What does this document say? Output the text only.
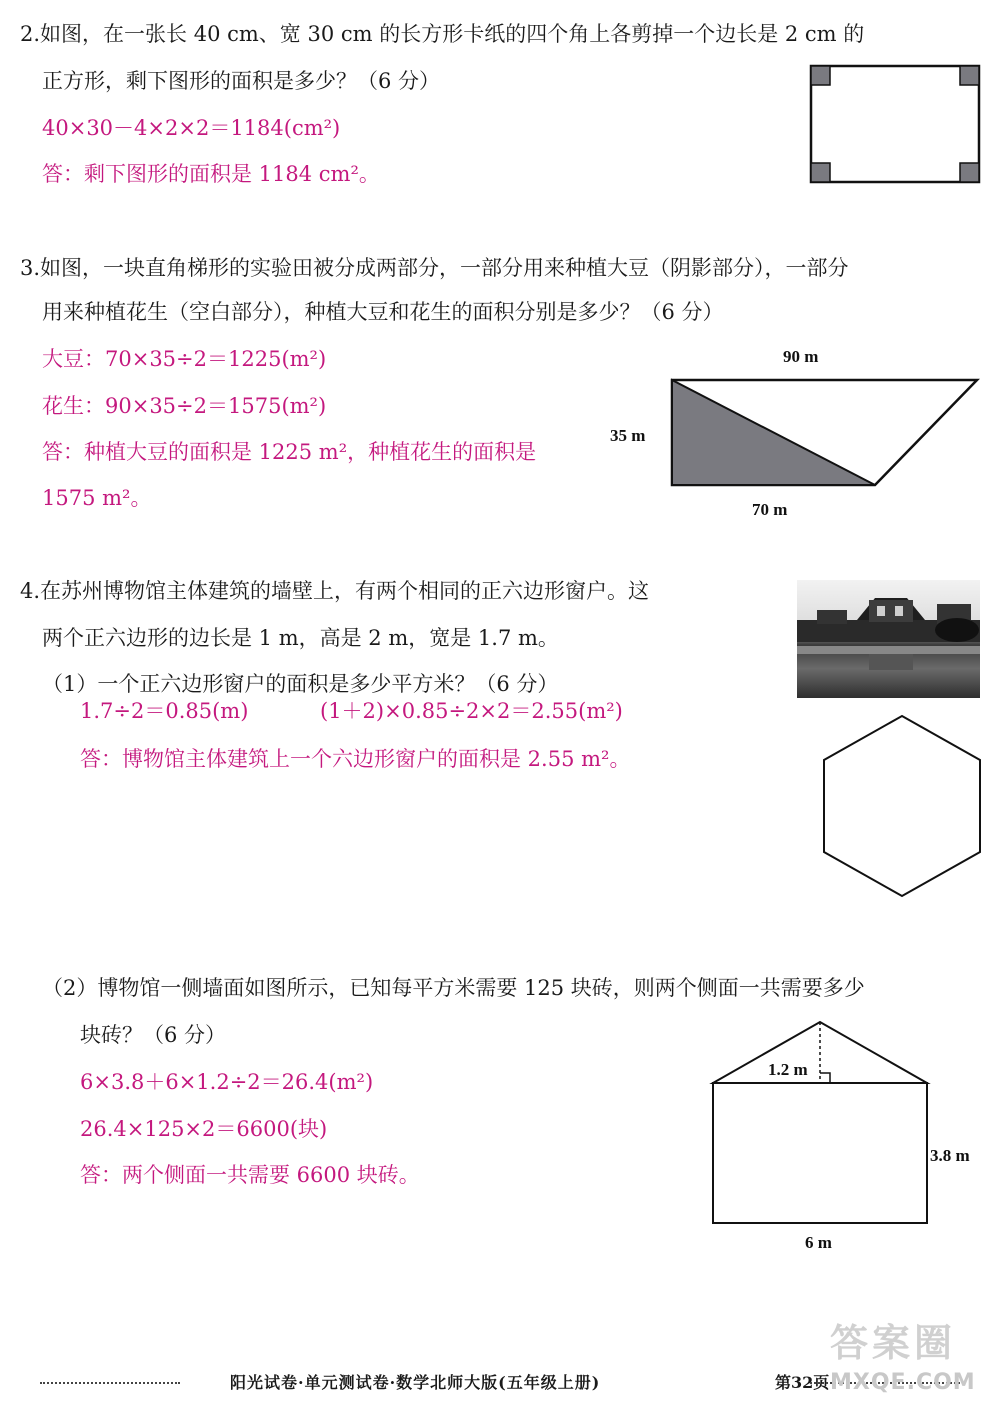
2.如图，在一张长 40 cm、宽 30 cm 的长方形卡纸的四个角上各剪掉一个边长是 2 cm 的
正方形，剩下图形的面积是多少？（6 分）
40×30－4×2×2＝1184(cm²)
答：剩下图形的面积是 1184 cm²。
3.如图，一块直角梯形的实验田被分成两部分，一部分用来种植大豆（阴影部分），一部分
用来种植花生（空白部分），种植大豆和花生的面积分别是多少？（6 分）
大豆：70×35÷2＝1225(m²)
花生：90×35÷2＝1575(m²)
答：种植大豆的面积是 1225 m²，种植花生的面积是
1575 m²。
90 m
35 m
70 m
4.在苏州博物馆主体建筑的墙壁上，有两个相同的正六边形窗户。这
两个正六边形的边长是 1 m，高是 2 m，宽是 1.7 m。
（1）一个正六边形窗户的面积是多少平方米？（6 分）
1.7÷2＝0.85(m)	(1＋2)×0.85÷2×2＝2.55(m²)
答：博物馆主体建筑上一个六边形窗户的面积是 2.55 m²。
（2）博物馆一侧墙面如图所示，已知每平方米需要 125 块砖，则两个侧面一共需要多少
块砖？（6 分）
6×3.8＋6×1.2÷2＝26.4(m²)
26.4×125×2＝6600(块)
答：两个侧面一共需要 6600 块砖。
1.2 m
3.8 m
6 m
阳光试卷·单元测试卷·数学北师大版(五年级上册)	第32页
答案圈
MXQE.COM
